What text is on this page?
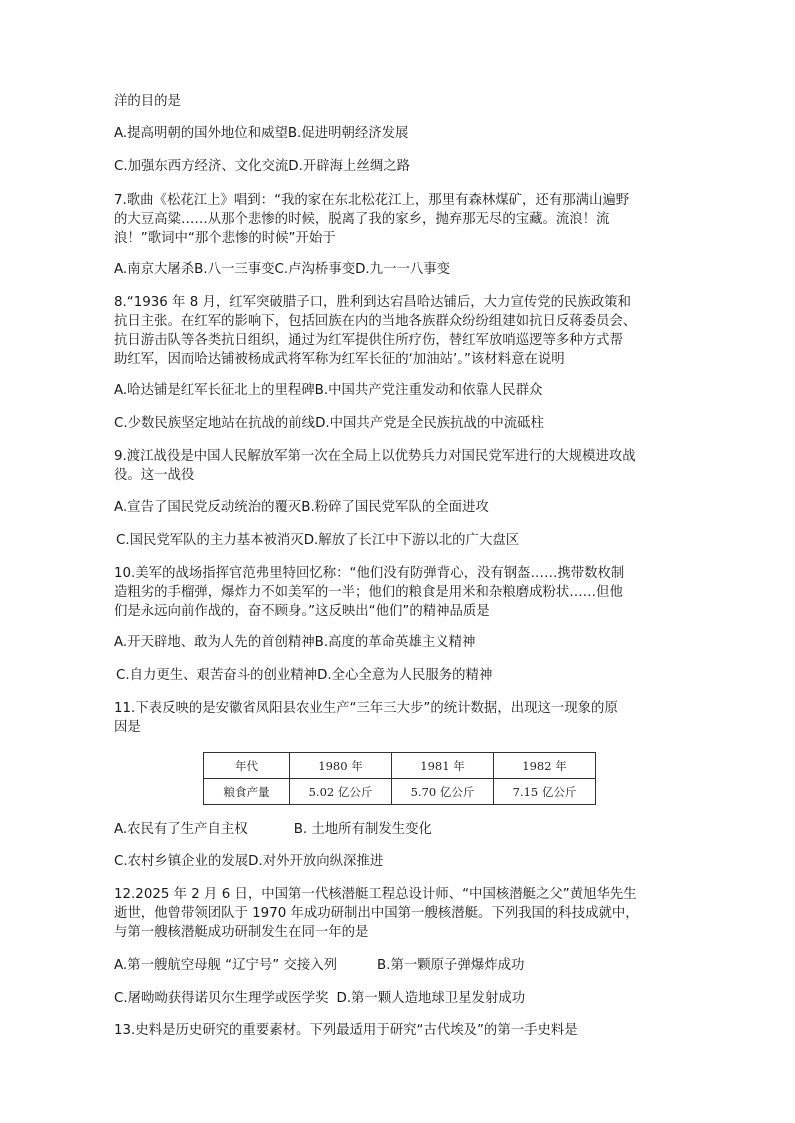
洋的目的是
A.提高明朝的国外地位和威望B.促进明朝经济发展
C.加强东西方经济、文化交流D.开辟海上丝绸之路
7.歌曲《松花江上》唱到：“我的家在东北松花江上，那里有森林煤矿，还有那满山遍野
的大豆高粱……从那个悲惨的时候，脱离了我的家乡，抛弃那无尽的宝藏。流浪！流
浪！”歌词中“那个悲惨的时候”开始于
A.南京大屠杀B.八一三事变C.卢沟桥事变D.九一一八事变
8.“1936 年 8 月，红军突破腊子口，胜利到达宕昌哈达铺后，大力宣传党的民族政策和
抗日主张。在红军的影响下，包括回族在内的当地各族群众纷纷组建如抗日反蒋委员会、
抗日游击队等各类抗日组织，通过为红军提供住所疗伤，替红军放哨巡逻等多种方式帮
助红军，因而哈达铺被杨成武将军称为红军长征的‘加油站’。”该材料意在说明
A.哈达铺是红军长征北上的里程碑B.中国共产党注重发动和依靠人民群众
C.少数民族坚定地站在抗战的前线D.中国共产党是全民族抗战的中流砥柱
9.渡江战役是中国人民解放军第一次在全局上以优势兵力对国民党军进行的大规模进攻战
役。这一战役
A.宣告了国民党反动统治的覆灭B.粉碎了国民党军队的全面进攻
C.国民党军队的主力基本被消灭D.解放了长江中下游以北的广大盘区
10.美军的战场指挥官范弗里特回忆称：“他们没有防弹背心，没有钢盔……携带数枚制
造粗劣的手榴弹，爆炸力不如美军的一半；他们的粮食是用米和杂粮磨成粉状……但他
们是永远向前作战的，奋不顾身。”这反映出“他们”的精神品质是
A.开天辟地、敢为人先的首创精神B.高度的革命英雄主义精神
C.自力更生、艰苦奋斗的创业精神D.全心全意为人民服务的精神
11.下表反映的是安徽省凤阳县农业生产“三年三大步”的统计数据，出现这一现象的原
因是
年代	1980 年	1981 年	1982 年
粮食产量	5.02 亿公斤	5.70 亿公斤	7.15 亿公斤
A.农民有了生产自主权	B. 土地所有制发生变化
C.农村乡镇企业的发展D.对外开放向纵深推进
12.2025 年 2 月 6 日，中国第一代核潜艇工程总设计师、“中国核潜艇之父”黄旭华先生
逝世，他曾带领团队于 1970 年成功研制出中国第一艘核潜艇。下列我国的科技成就中，
与第一艘核潜艇成功研制发生在同一年的是
A.第一艘航空母舰 “辽宁号” 交接入列	B.第一颗原子弹爆炸成功
C.屠呦呦获得诺贝尔生理学或医学奖 D.第一颗人造地球卫星发射成功
13.史料是历史研究的重要素材。下列最适用于研究“古代埃及”的第一手史料是
